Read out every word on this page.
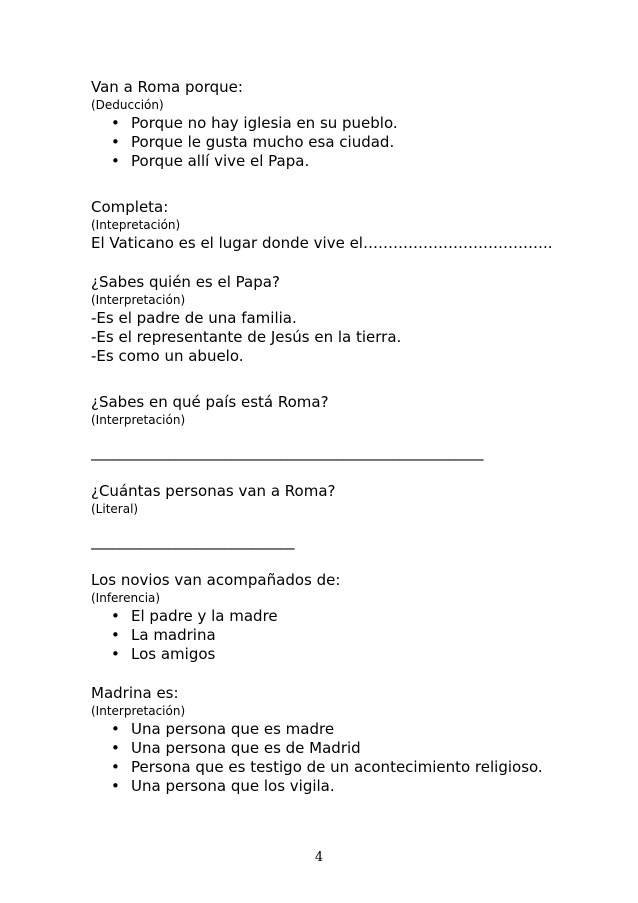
Van a Roma porque:

(Deducción)

• Porque no hay iglesia en su pueblo.
• Porque le gusta mucho esa ciudad.
• Porque allí vive el Papa.

Completa:

(Intepretación)

El Vaticano es el lugar donde vive el………………………………..

¿Sabes quién es el Papa?

(Interpretación)

-Es el padre de una familia.

-Es el representante de Jesús en la tierra.

-Es como un abuelo.

¿Sabes en qué país está Roma?

(Interpretación)

________________________________________________________

¿Cuántas personas van a Roma?

(Literal)

_____________________________

Los novios van acompañados de:

(Inferencia)

• El padre y la madre
• La madrina
• Los amigos

Madrina es:

(Interpretación)

• Una persona que es madre
• Una persona que es de Madrid
• Persona que es testigo de un acontecimiento religioso.
• Una persona que los vigila.
4
